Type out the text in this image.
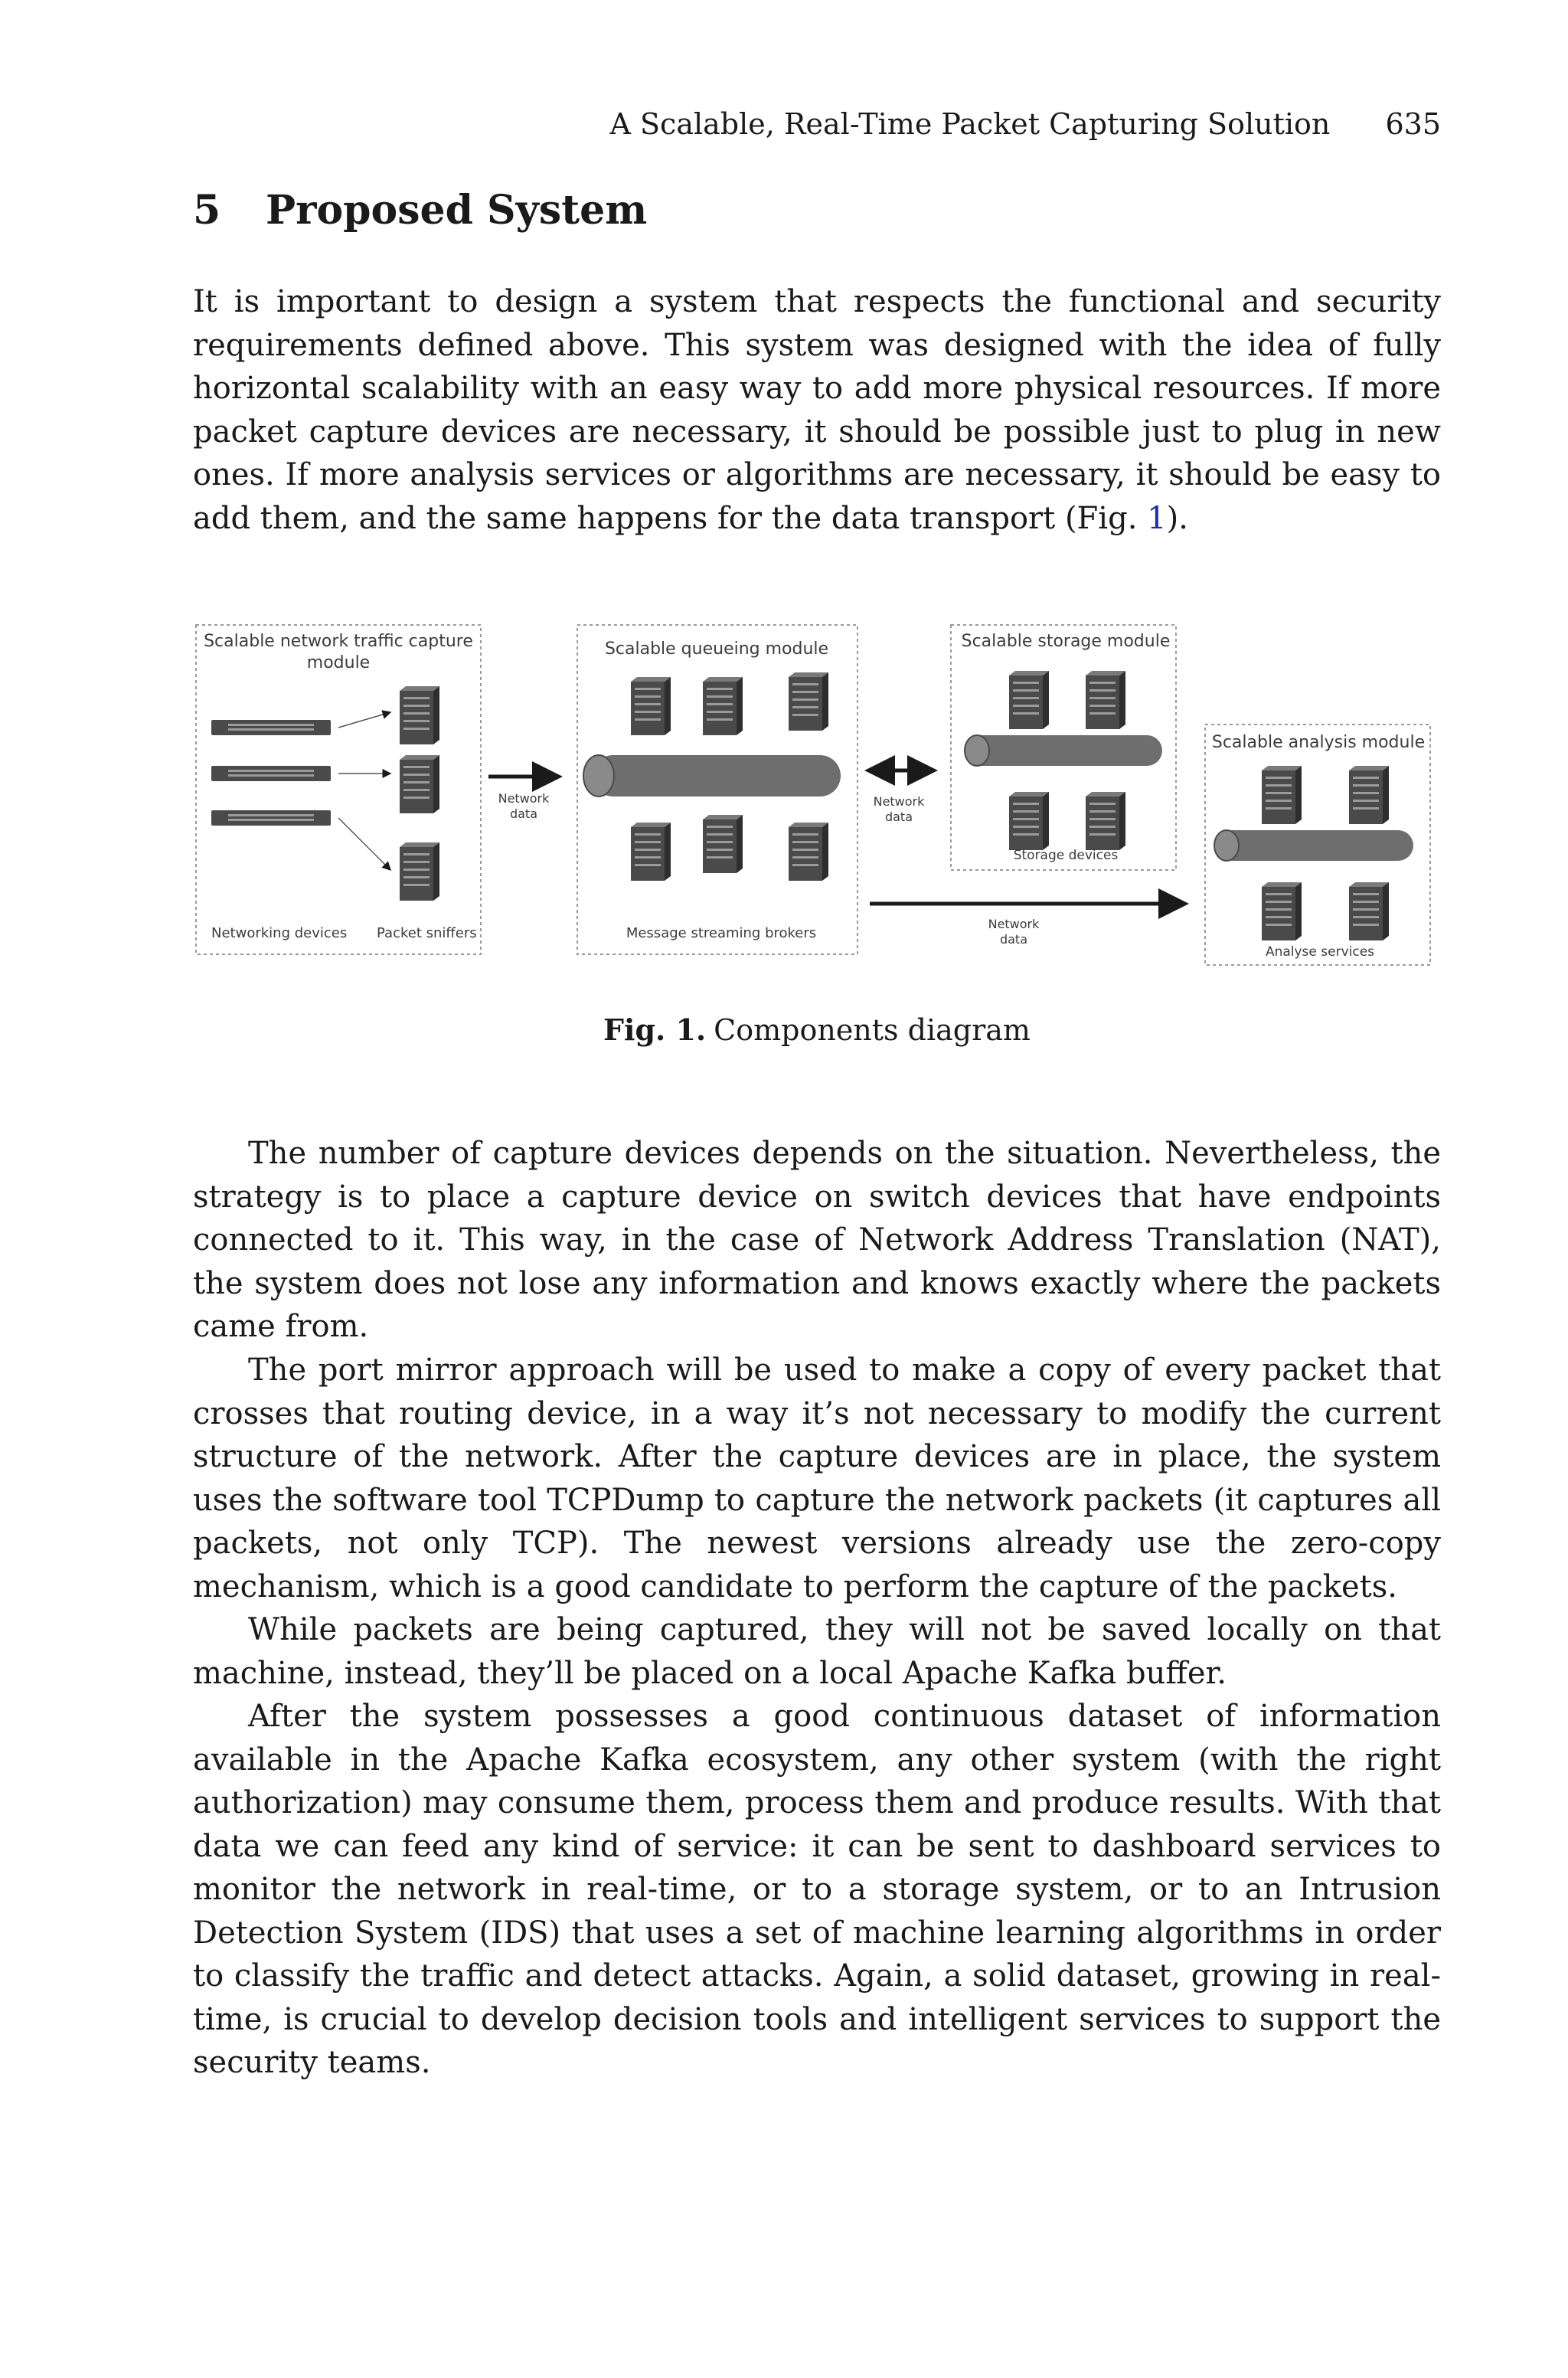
A Scalable, Real-Time Packet Capturing Solution 635
5 Proposed System

It is important to design a system that respects the functional and security requirements defined above. This system was designed with the idea of fully horizontal scalability with an easy way to add more physical resources. If more packet capture devices are necessary, it should be possible just to plug in new ones. If more analysis services or algorithms are necessary, it should be easy to add them, and the same happens for the data transport (Fig. 1).

Scalable network traffic capture
module
Networking devices Packet sniffers
Network
data
Scalable queueing module
Message streaming brokers
Network
data
Scalable storage module
Storage devices
Network
data
Scalable analysis module
Analyse services
Fig. 1. Components diagram

The number of capture devices depends on the situation. Nevertheless, the strategy is to place a capture device on switch devices that have endpoints connected to it. This way, in the case of Network Address Translation (NAT), the system does not lose any information and knows exactly where the packets came from.

The port mirror approach will be used to make a copy of every packet that crosses that routing device, in a way it’s not necessary to modify the current structure of the network. After the capture devices are in place, the system uses the software tool TCPDump to capture the network packets (it captures all packets, not only TCP). The newest versions already use the zero-copy mechanism, which is a good candidate to perform the capture of the packets.

While packets are being captured, they will not be saved locally on that machine, instead, they’ll be placed on a local Apache Kafka buffer.

After the system possesses a good continuous dataset of information available in the Apache Kafka ecosystem, any other system (with the right authorization) may consume them, process them and produce results. With that data we can feed any kind of service: it can be sent to dashboard services to monitor the network in real-time, or to a storage system, or to an Intrusion Detection System (IDS) that uses a set of machine learning algorithms in order to classify the traffic and detect attacks. Again, a solid dataset, growing in real-time, is crucial to develop decision tools and intelligent services to support the security teams.
